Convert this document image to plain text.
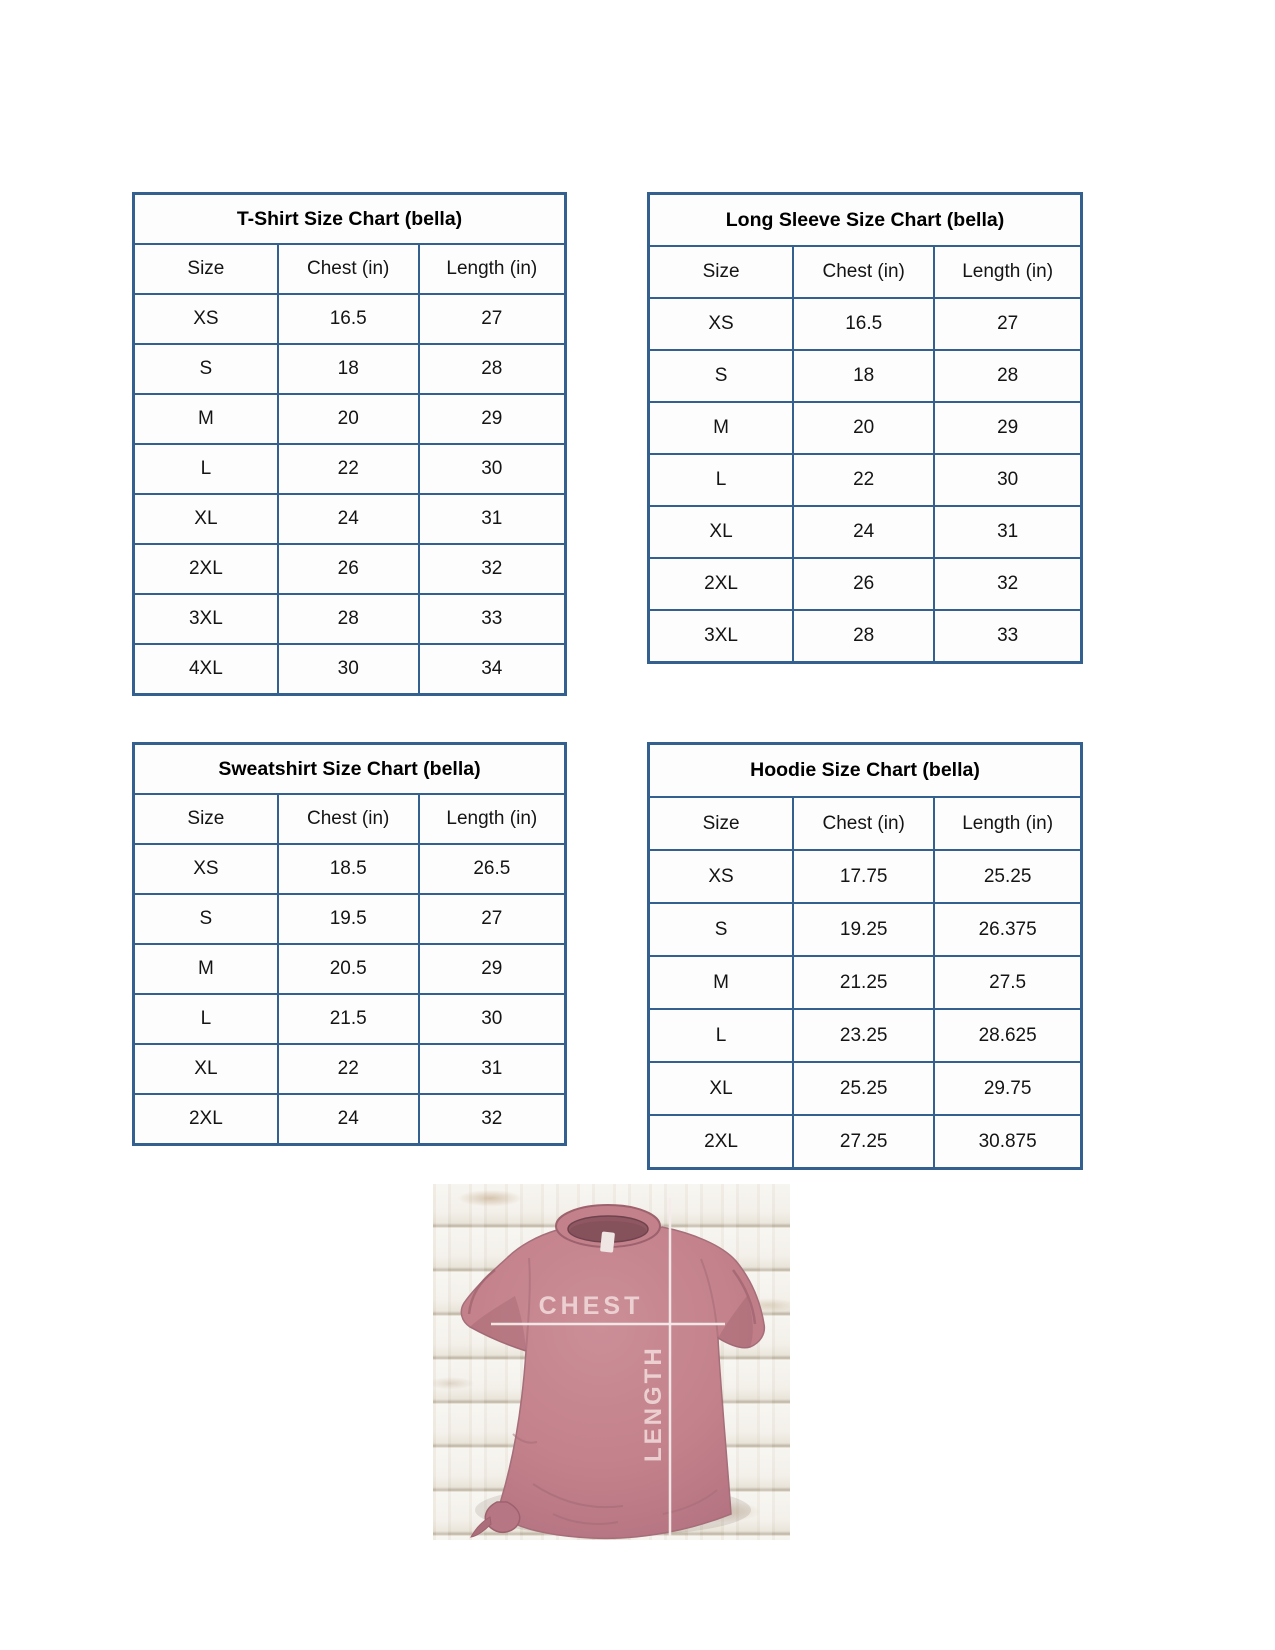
T-Shirt Size Chart (bella)		
Size	Chest (in)	Length (in)
XS	16.5	27
S	18	28
M	20	29
L	22	30
XL	24	31
2XL	26	32
3XL	28	33
4XL	30	34
Long Sleeve Size Chart (bella)		
Size	Chest (in)	Length (in)
XS	16.5	27
S	18	28
M	20	29
L	22	30
XL	24	31
2XL	26	32
3XL	28	33
Sweatshirt Size Chart (bella)		
Size	Chest (in)	Length (in)
XS	18.5	26.5
S	19.5	27
M	20.5	29
L	21.5	30
XL	22	31
2XL	24	32
Hoodie Size Chart (bella)		
Size	Chest (in)	Length (in)
XS	17.75	25.25
S	19.25	26.375
M	21.25	27.5
L	23.25	28.625
XL	25.25	29.75
2XL	27.25	30.875
CHEST
LENGTH
